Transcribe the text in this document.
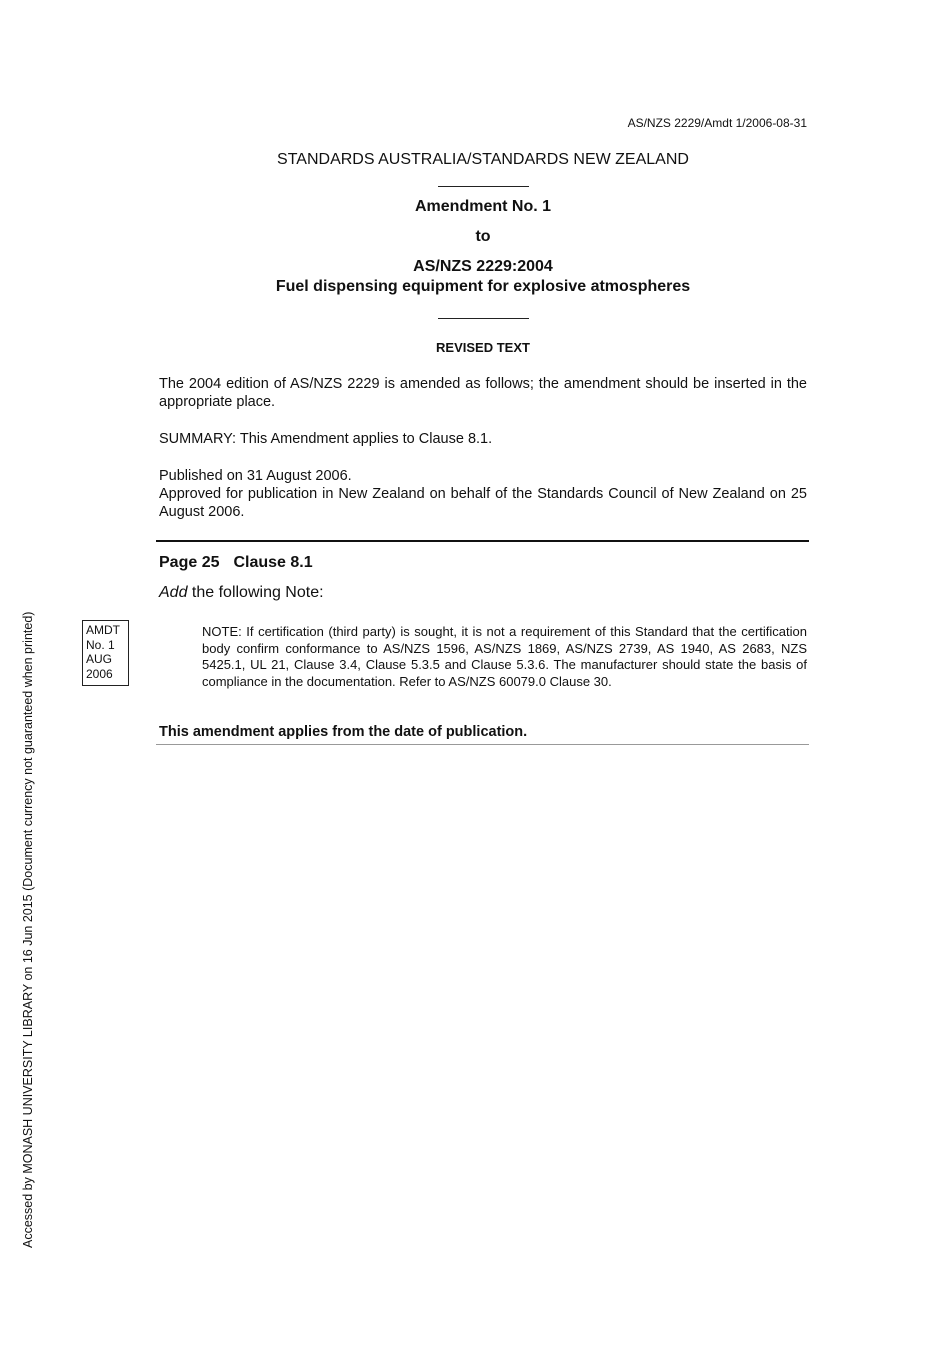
AS/NZS 2229/Amdt 1/2006-08-31
STANDARDS AUSTRALIA/STANDARDS NEW ZEALAND
Amendment No. 1
to
AS/NZS 2229:2004
Fuel dispensing equipment for explosive atmospheres
REVISED TEXT
The 2004 edition of AS/NZS 2229 is amended as follows; the amendment should be inserted in the appropriate place.
SUMMARY: This Amendment applies to Clause 8.1.
Published on 31 August 2006.
Approved for publication in New Zealand on behalf of the Standards Council of New Zealand on 25 August 2006.
Page 25 Clause 8.1
Add the following Note:
AMDT
No. 1
AUG
2006
NOTE: If certification (third party) is sought, it is not a requirement of this Standard that the certification body confirm conformance to AS/NZS 1596, AS/NZS 1869, AS/NZS 2739, AS 1940, AS 2683, NZS 5425.1, UL 21, Clause 3.4, Clause 5.3.5 and Clause 5.3.6. The manufacturer should state the basis of compliance in the documentation. Refer to AS/NZS 60079.0 Clause 30.
This amendment applies from the date of publication.
Accessed by MONASH UNIVERSITY LIBRARY on 16 Jun 2015 (Document currency not guaranteed when printed)
